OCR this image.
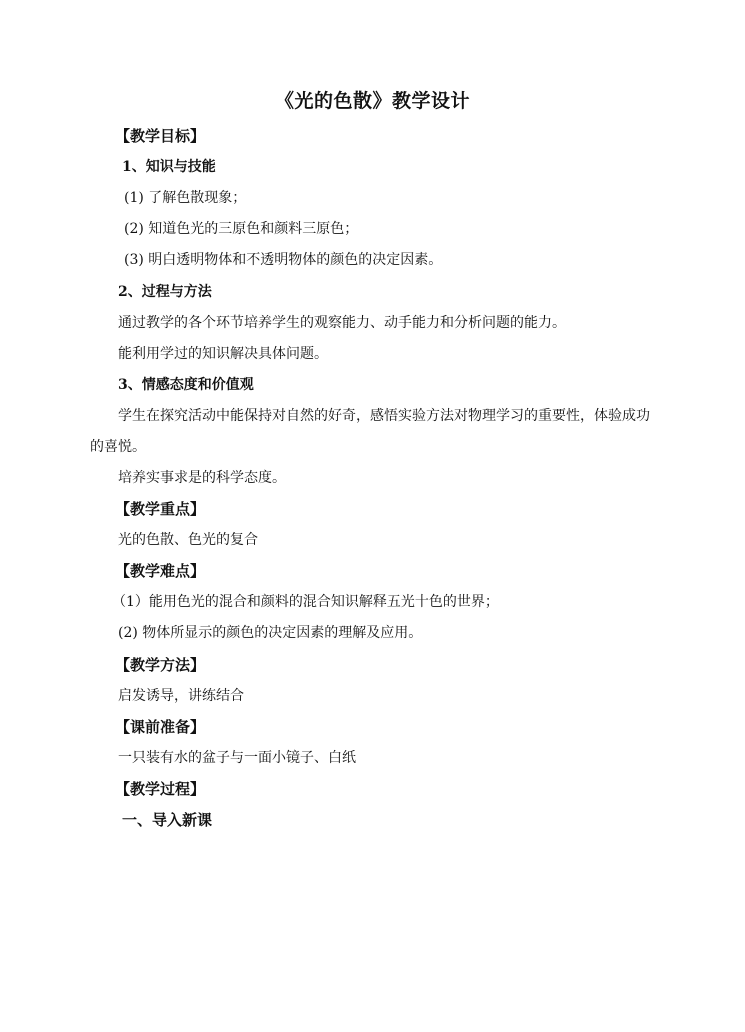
《光的色散》教学设计
【教学目标】
1、知识与技能
(1) 了解色散现象；
(2) 知道色光的三原色和颜料三原色；
(3) 明白透明物体和不透明物体的颜色的决定因素。
2、过程与方法
通过教学的各个环节培养学生的观察能力、动手能力和分析问题的能力。
能利用学过的知识解决具体问题。
3、情感态度和价值观
学生在探究活动中能保持对自然的好奇，感悟实验方法对物理学习的重要性，体验成功的喜悦。
培养实事求是的科学态度。
【教学重点】
光的色散、色光的复合
【教学难点】
（1）能用色光的混合和颜料的混合知识解释五光十色的世界；
(2) 物体所显示的颜色的决定因素的理解及应用。
【教学方法】
启发诱导，讲练结合
【课前准备】
一只装有水的盆子与一面小镜子、白纸
【教学过程】
一、导入新课
